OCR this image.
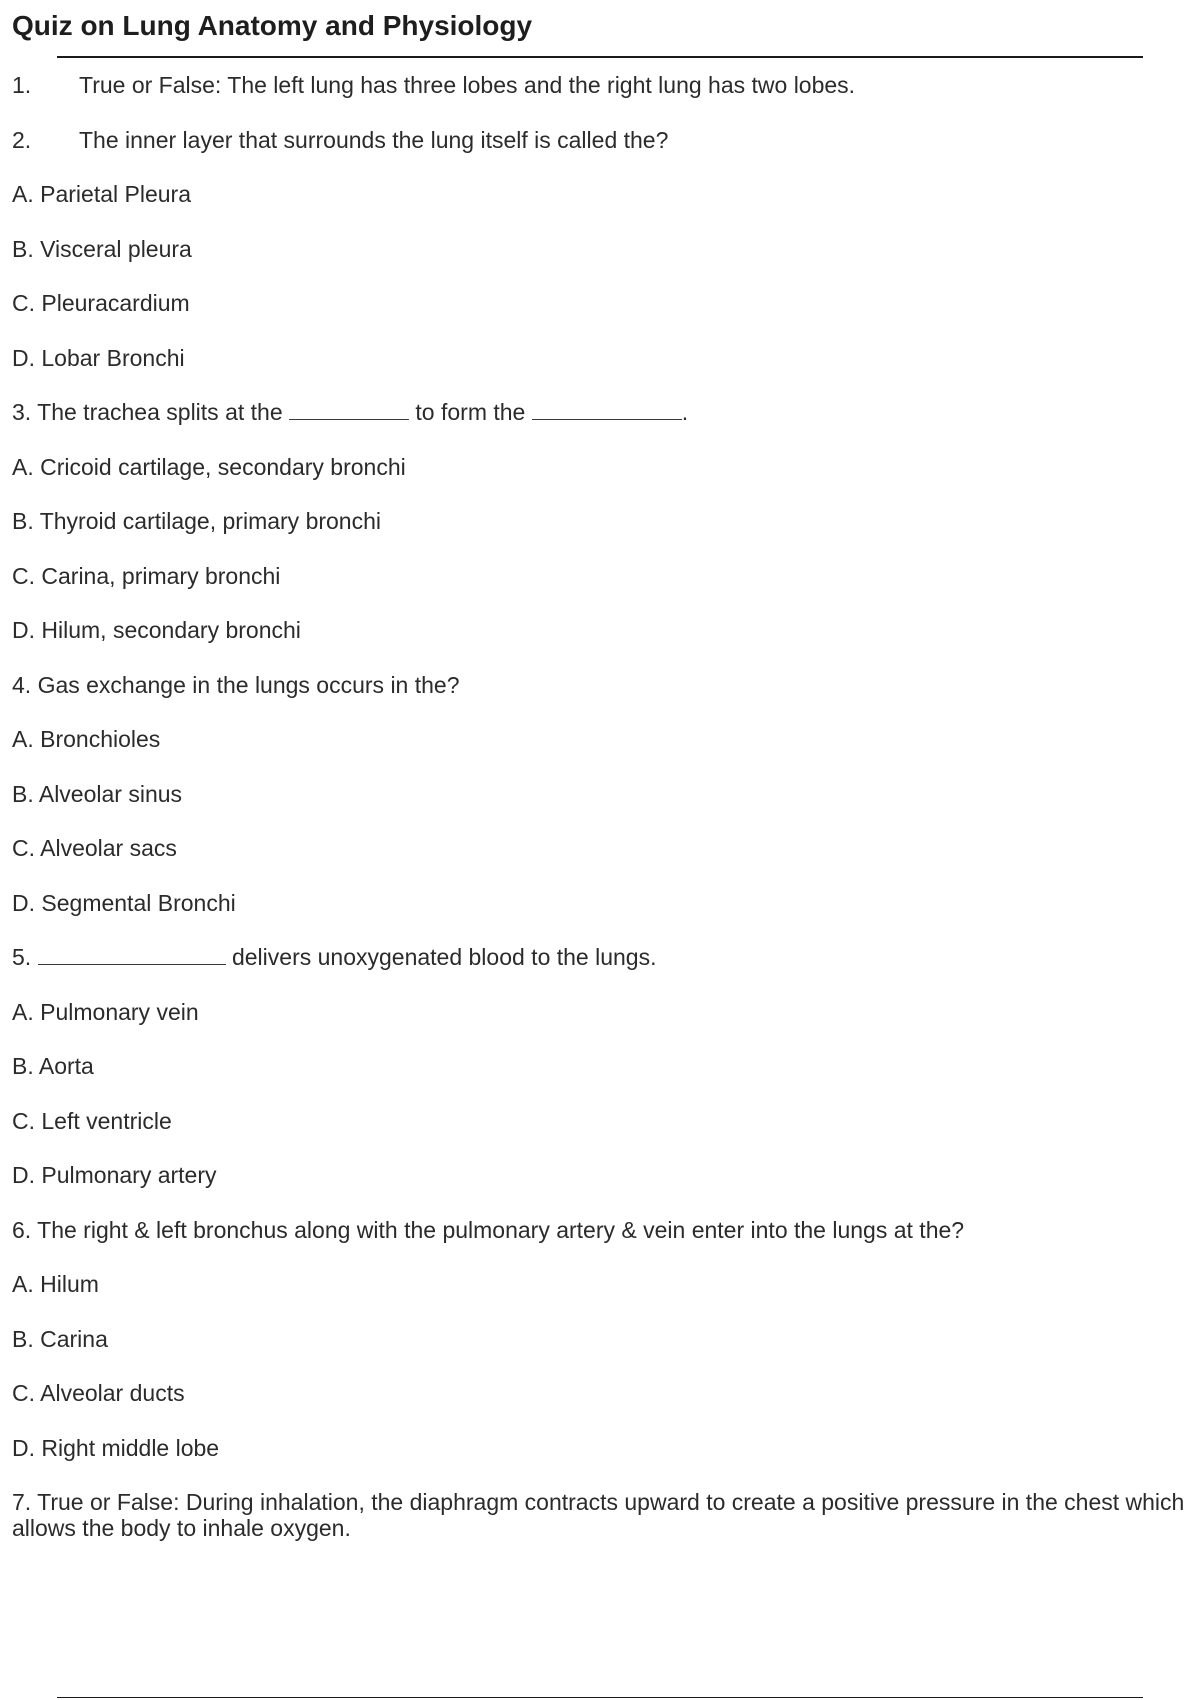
Quiz on Lung Anatomy and Physiology
1. True or False: The left lung has three lobes and the right lung has two lobes.
2. The inner layer that surrounds the lung itself is called the?
A. Parietal Pleura
B. Visceral pleura
C. Pleuracardium
D. Lobar Bronchi
3. The trachea splits at the	to form the	.
A. Cricoid cartilage, secondary bronchi
B. Thyroid cartilage, primary bronchi
C. Carina, primary bronchi
D. Hilum, secondary bronchi
4. Gas exchange in the lungs occurs in the?
A. Bronchioles
B. Alveolar sinus
C. Alveolar sacs
D. Segmental Bronchi
5.	delivers unoxygenated blood to the lungs.
A. Pulmonary vein
B. Aorta
C. Left ventricle
D. Pulmonary artery
6. The right & left bronchus along with the pulmonary artery & vein enter into the lungs at the?
A. Hilum
B. Carina
C. Alveolar ducts
D. Right middle lobe
7. True or False: During inhalation, the diaphragm contracts upward to create a positive pressure in the chest which allows the body to inhale oxygen.
